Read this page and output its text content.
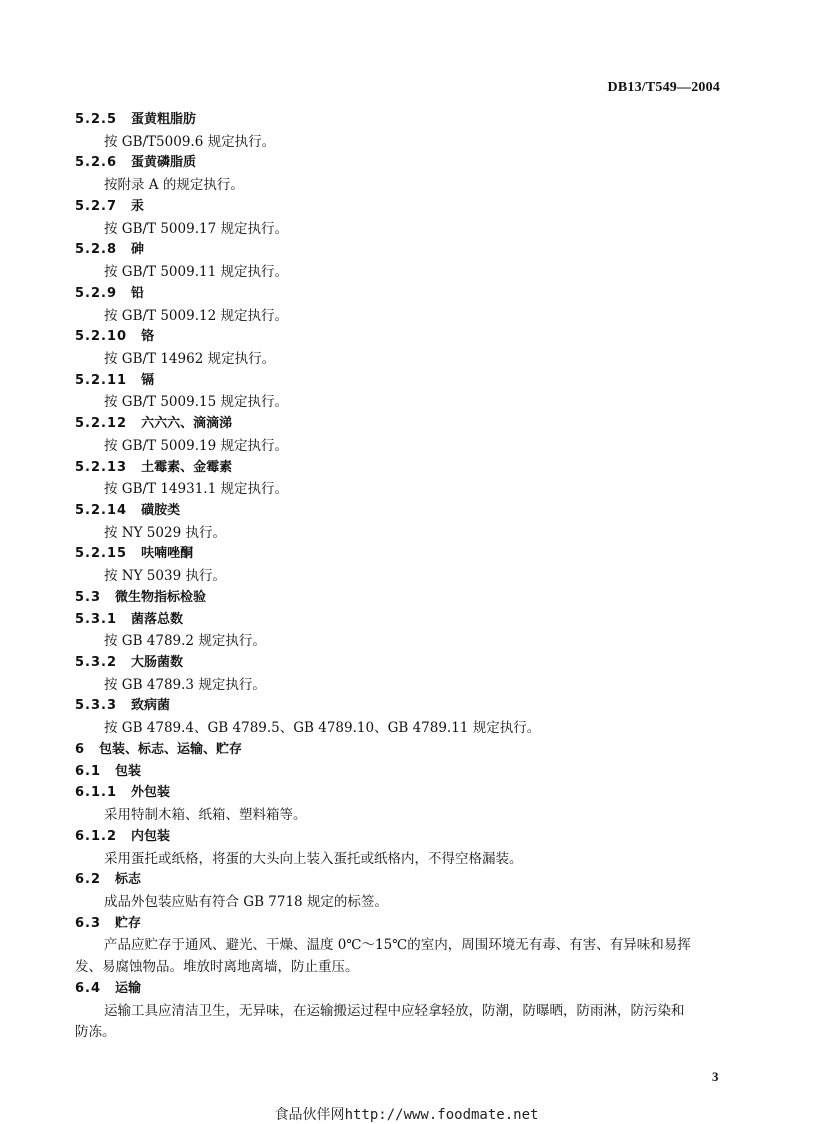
DB13/T549—2004
5.2.5 蛋黄粗脂肪
按 GB/T5009.6 规定执行。
5.2.6 蛋黄磷脂质
按附录 A 的规定执行。
5.2.7 汞
按 GB/T 5009.17 规定执行。
5.2.8 砷
按 GB/T 5009.11 规定执行。
5.2.9 铅
按 GB/T 5009.12 规定执行。
5.2.10 铬
按 GB/T 14962 规定执行。
5.2.11 镉
按 GB/T 5009.15 规定执行。
5.2.12 六六六、滴滴涕
按 GB/T 5009.19 规定执行。
5.2.13 土霉素、金霉素
按 GB/T 14931.1 规定执行。
5.2.14 磺胺类
按 NY 5029 执行。
5.2.15 呋喃唑酮
按 NY 5039 执行。
5.3 微生物指标检验
5.3.1 菌落总数
按 GB 4789.2 规定执行。
5.3.2 大肠菌数
按 GB 4789.3 规定执行。
5.3.3 致病菌
按 GB 4789.4、GB 4789.5、GB 4789.10、GB 4789.11 规定执行。
6 包装、标志、运输、贮存
6.1 包装
6.1.1 外包装
采用特制木箱、纸箱、塑料箱等。
6.1.2 内包装
采用蛋托或纸格，将蛋的大头向上装入蛋托或纸格内，不得空格漏装。
6.2 标志
成品外包装应贴有符合 GB 7718 规定的标签。
6.3 贮存
产品应贮存于通风、避光、干燥、温度 0℃～15℃的室内，周围环境无有毒、有害、有异味和易挥
发、易腐蚀物品。堆放时离地离墙，防止重压。
6.4 运输
运输工具应清洁卫生，无异味，在运输搬运过程中应轻拿轻放，防潮，防曝晒，防雨淋，防污染和
防冻。
3
食品伙伴网http://www.foodmate.net
